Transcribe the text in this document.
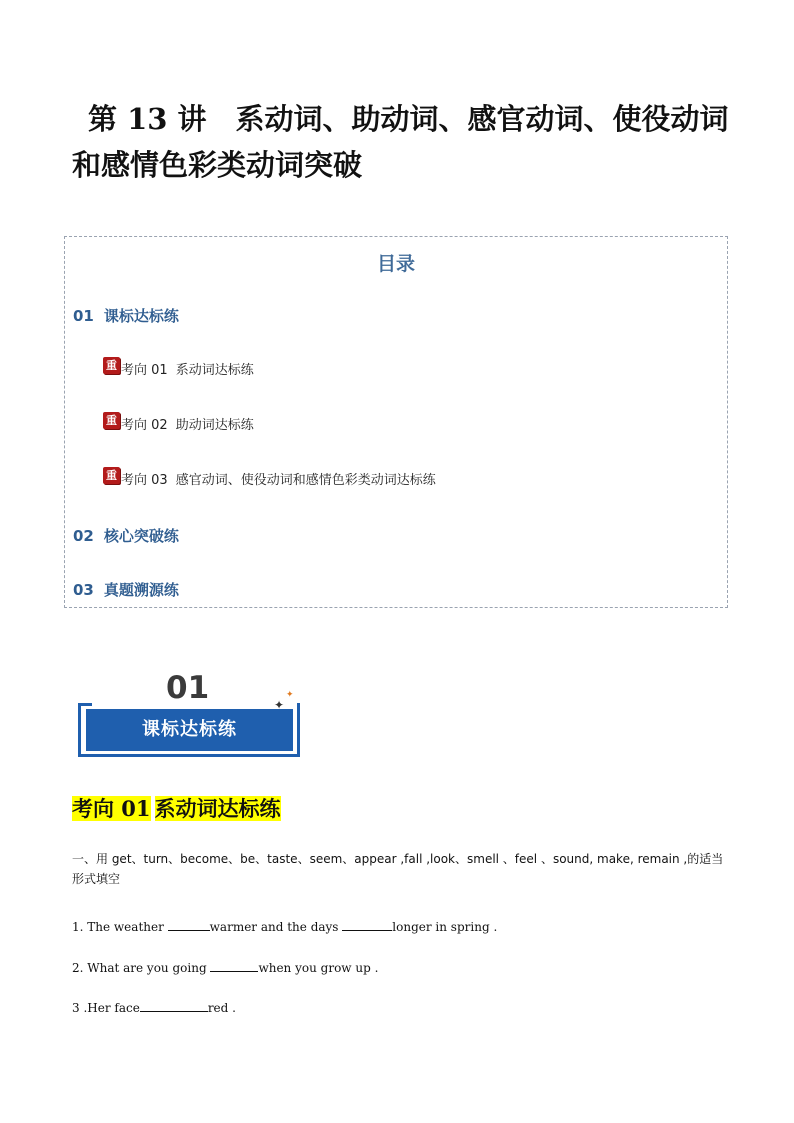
第 13 讲　系动词、助动词、感官动词、使役动词和感情色彩类动词突破
目录
01 课标达标练
重 考向 01 系动词达标练
重 考向 02 助动词达标练
重 考向 03 感官动词、使役动词和感情色彩类动词达标练
02 核心突破练
03 真题溯源练
01
课标达标练
✦
✦
考向 01 系动词达标练
一、用 get、turn、become、be、taste、seem、appear ,fall ,look、smell 、feel 、sound, make, remain ,的适当形式填空
1. The weather	warmer and the days	longer in spring .
2. What are you going	when you grow up .
3 .Her face	red .
